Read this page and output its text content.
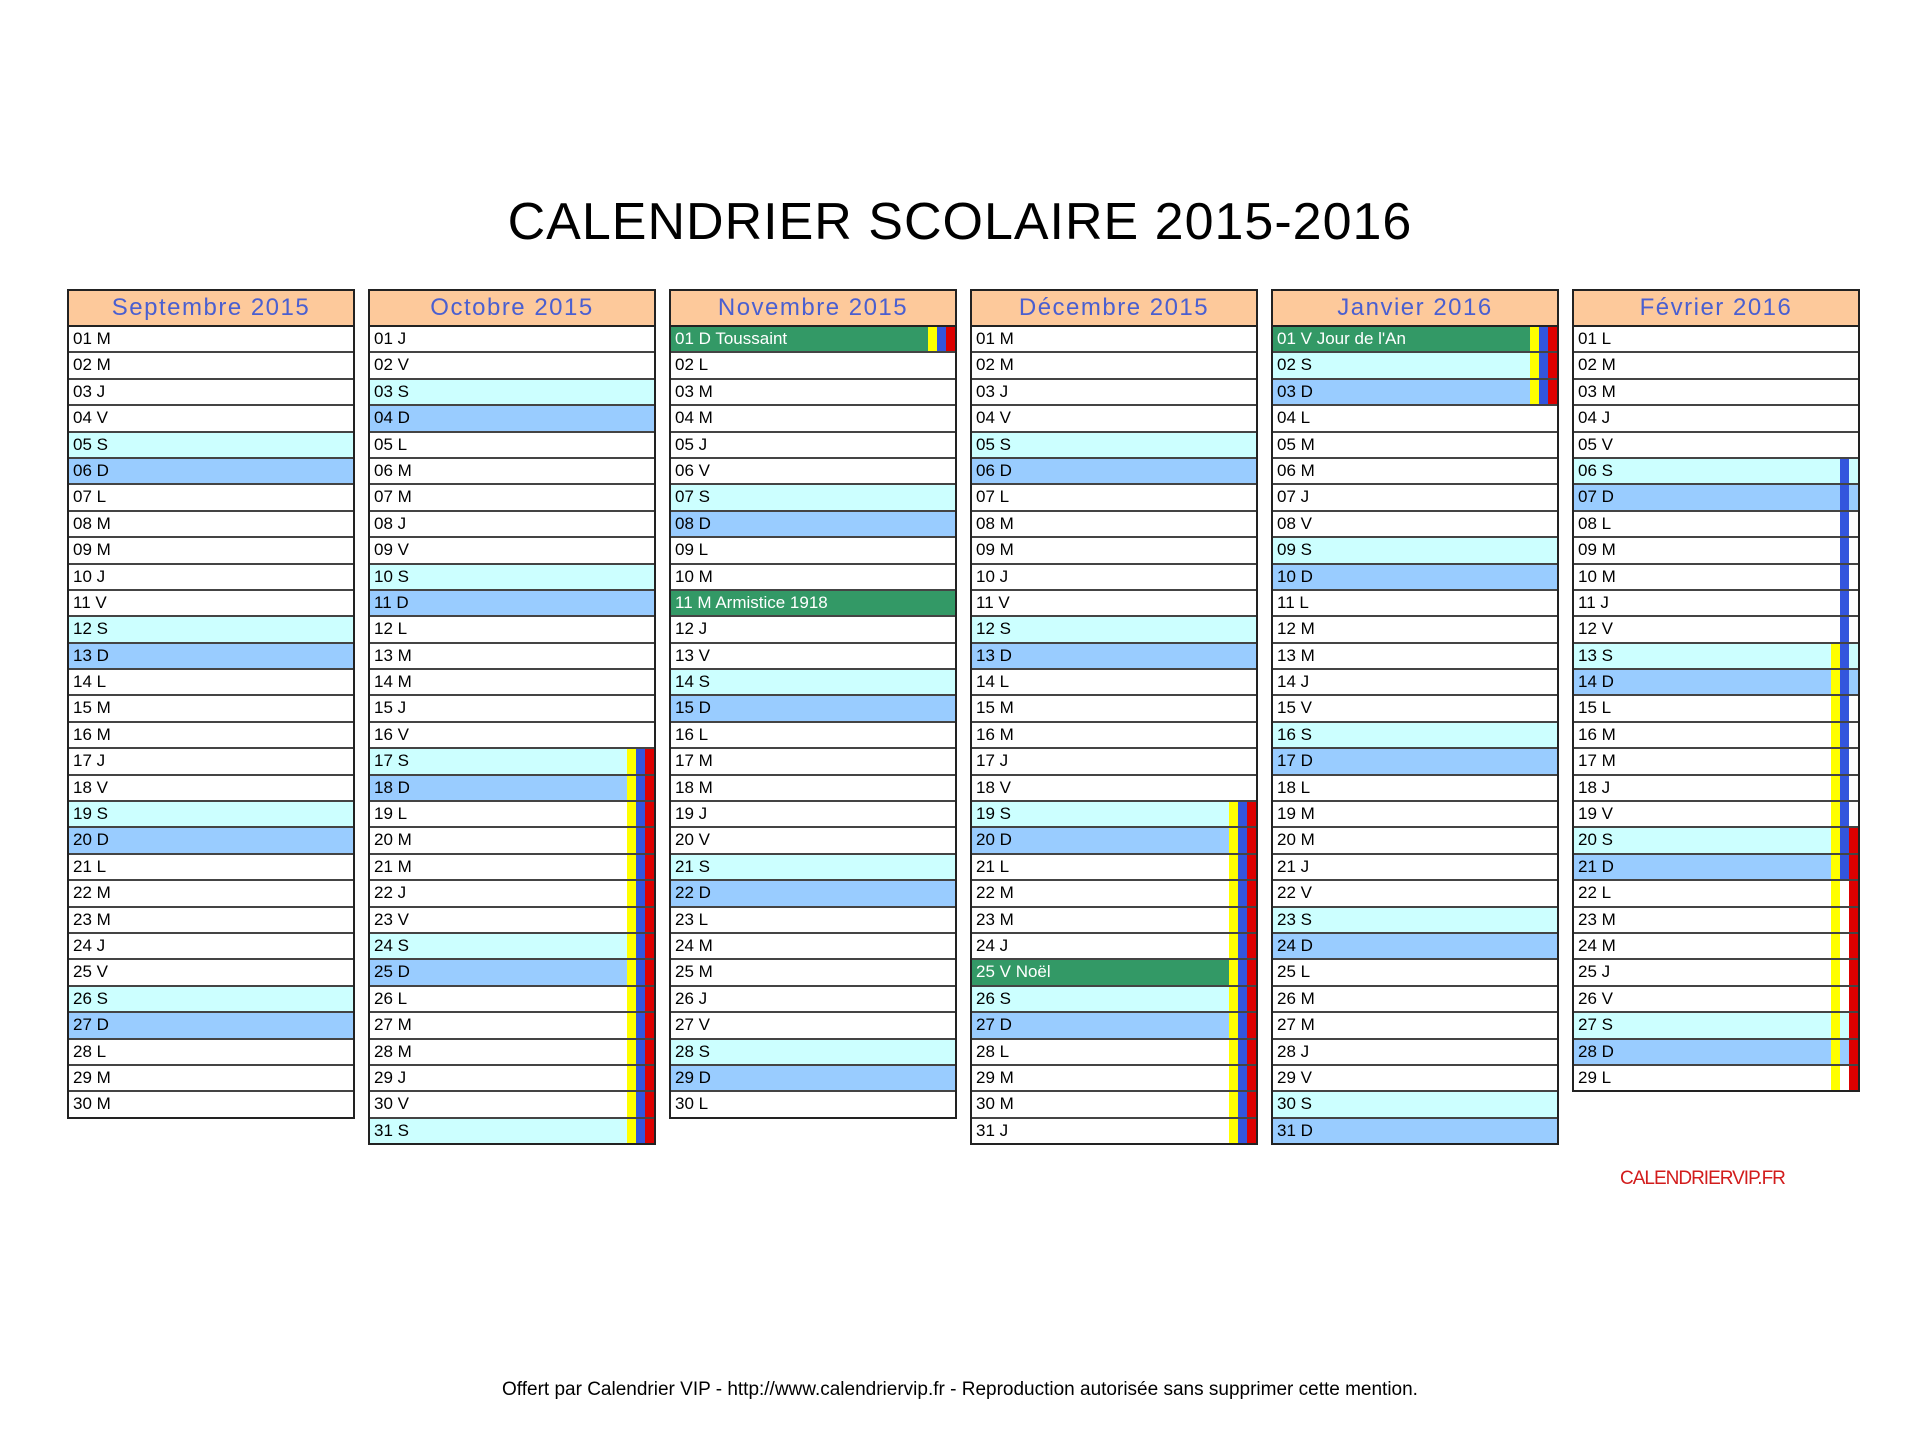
CALENDRIER SCOLAIRE 2015-2016
Septembre 2015
01 M
02 M
03 J
04 V
05 S
06 D
07 L
08 M
09 M
10 J
11 V
12 S
13 D
14 L
15 M
16 M
17 J
18 V
19 S
20 D
21 L
22 M
23 M
24 J
25 V
26 S
27 D
28 L
29 M
30 M
Octobre 2015
01 J
02 V
03 S
04 D
05 L
06 M
07 M
08 J
09 V
10 S
11 D
12 L
13 M
14 M
15 J
16 V
17 S
18 D
19 L
20 M
21 M
22 J
23 V
24 S
25 D
26 L
27 M
28 M
29 J
30 V
31 S
Novembre 2015
01 D Toussaint
02 L
03 M
04 M
05 J
06 V
07 S
08 D
09 L
10 M
11 M Armistice 1918
12 J
13 V
14 S
15 D
16 L
17 M
18 M
19 J
20 V
21 S
22 D
23 L
24 M
25 M
26 J
27 V
28 S
29 D
30 L
Décembre 2015
01 M
02 M
03 J
04 V
05 S
06 D
07 L
08 M
09 M
10 J
11 V
12 S
13 D
14 L
15 M
16 M
17 J
18 V
19 S
20 D
21 L
22 M
23 M
24 J
25 V Noël
26 S
27 D
28 L
29 M
30 M
31 J
Janvier 2016
01 V Jour de l'An
02 S
03 D
04 L
05 M
06 M
07 J
08 V
09 S
10 D
11 L
12 M
13 M
14 J
15 V
16 S
17 D
18 L
19 M
20 M
21 J
22 V
23 S
24 D
25 L
26 M
27 M
28 J
29 V
30 S
31 D
Février 2016
01 L
02 M
03 M
04 J
05 V
06 S
07 D
08 L
09 M
10 M
11 J
12 V
13 S
14 D
15 L
16 M
17 M
18 J
19 V
20 S
21 D
22 L
23 M
24 M
25 J
26 V
27 S
28 D
29 L
CALENDRIERVIP.FR
Offert par Calendrier VIP - http://www.calendriervip.fr - Reproduction autorisée sans supprimer cette mention.
